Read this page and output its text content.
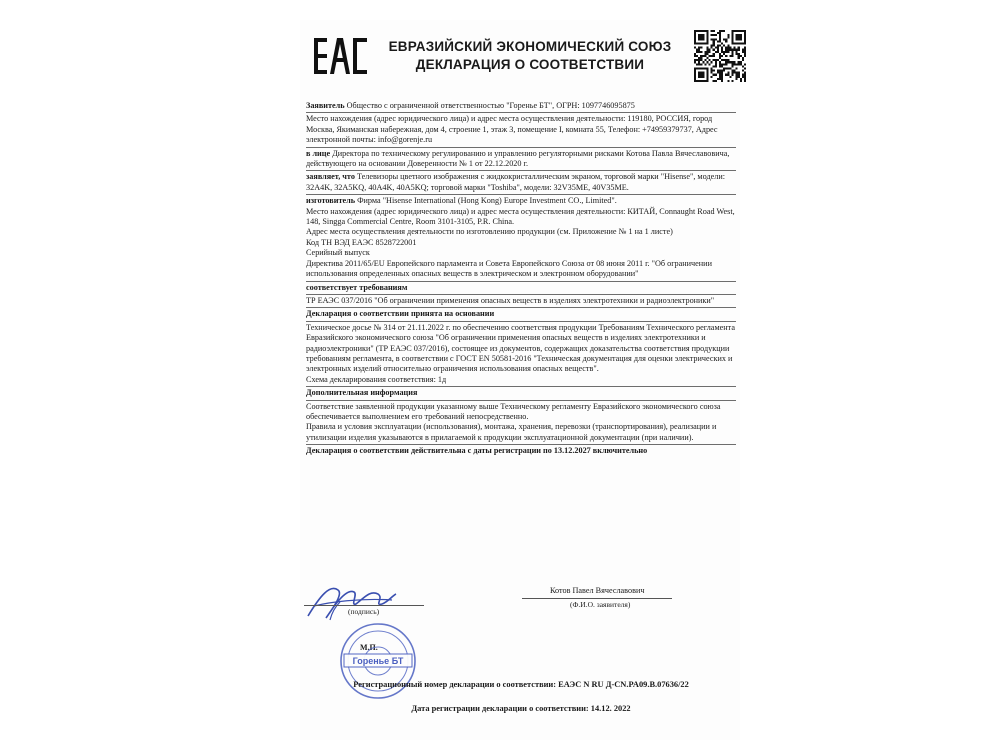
ЕВРАЗИЙСКИЙ ЭКОНОМИЧЕСКИЙ СОЮЗ
ДЕКЛАРАЦИЯ О СООТВЕТСТВИИ

Заявитель Общество с ограниченной ответственностью "Горенье БТ", ОГРН: 1097746095875

Место нахождения (адрес юридического лица) и адрес места осуществления деятельности: 119180, РОССИЯ, город Москва, Якиманская набережная, дом 4, строение 1, этаж 3, помещение I, комната 55, Телефон: +74959379737, Адрес электронной почты: info@gorenje.ru

в лице Директора по техническому регулированию и управлению регуляторными рисками Котова Павла Вячеславовича, действующего на основании Доверенности № 1 от 22.12.2020 г.

заявляет, что Телевизоры цветного изображения с жидкокристаллическим экраном, торговой марки "Hisense", модели: 32A4K, 32A5KQ, 40A4K, 40A5KQ; торговой марки "Toshiba", модели: 32V35ME, 40V35ME.

изготовитель Фирма "Hisense International (Hong Kong) Europe Investment CO., Limited".

Место нахождения (адрес юридического лица) и адрес места осуществления деятельности: КИТАЙ, Connaught Road West, 148, Singga Commercial Centre, Room 3101-3105, P.R. China.

Адрес места осуществления деятельности по изготовлению продукции (см. Приложение № 1 на 1 листе)

Код ТН ВЭД ЕАЭС 8528722001

Серийный выпуск

Директива 2011/65/EU Европейского парламента и Совета Европейского Союза от 08 июня 2011 г. "Об ограничении использования определенных опасных веществ в электрическом и электронном оборудовании"

соответствует требованиям

ТР ЕАЭС 037/2016 "Об ограничении применения опасных веществ в изделиях электротехники и радиоэлектроники"

Декларация о соответствии принята на основании

Техническое досье № 314 от 21.11.2022 г. по обеспечению соответствия продукции Требованиям Технического регламента Евразийского экономического союза "Об ограничении применения опасных веществ в изделиях электротехники и радиоэлектроники" (ТР ЕАЭС 037/2016), состоящее из документов, содержащих доказательства соответствия продукции требованиям регламента, в соответствии с ГОСТ EN 50581-2016 "Техническая документация для оценки электрических и электронных изделий относительно ограничения использования опасных веществ".

Схема декларирования соответствия: 1д

Дополнительная информация

Соответствие заявленной продукции указанному выше Техническому регламенту Евразийского экономического союза обеспечивается выполнением его требований непосредственно.

Правила и условия эксплуатации (использования), монтажа, хранения, перевозки (транспортирования), реализации и утилизации изделия указываются в прилагаемой к продукции эксплуатационной документации (при наличии).

Декларация о соответствии действительна с даты регистрации по 13.12.2027 включительно

(подпись)
Котов Павел Вячеславович
(Ф.И.О. заявителя)
М.П.
Горенье БТ
Регистрационный номер декларации о соответствии: ЕАЭС N RU Д-CN.PA09.В.07636/22
Дата регистрации декларации о соответствии: 14.12. 2022
